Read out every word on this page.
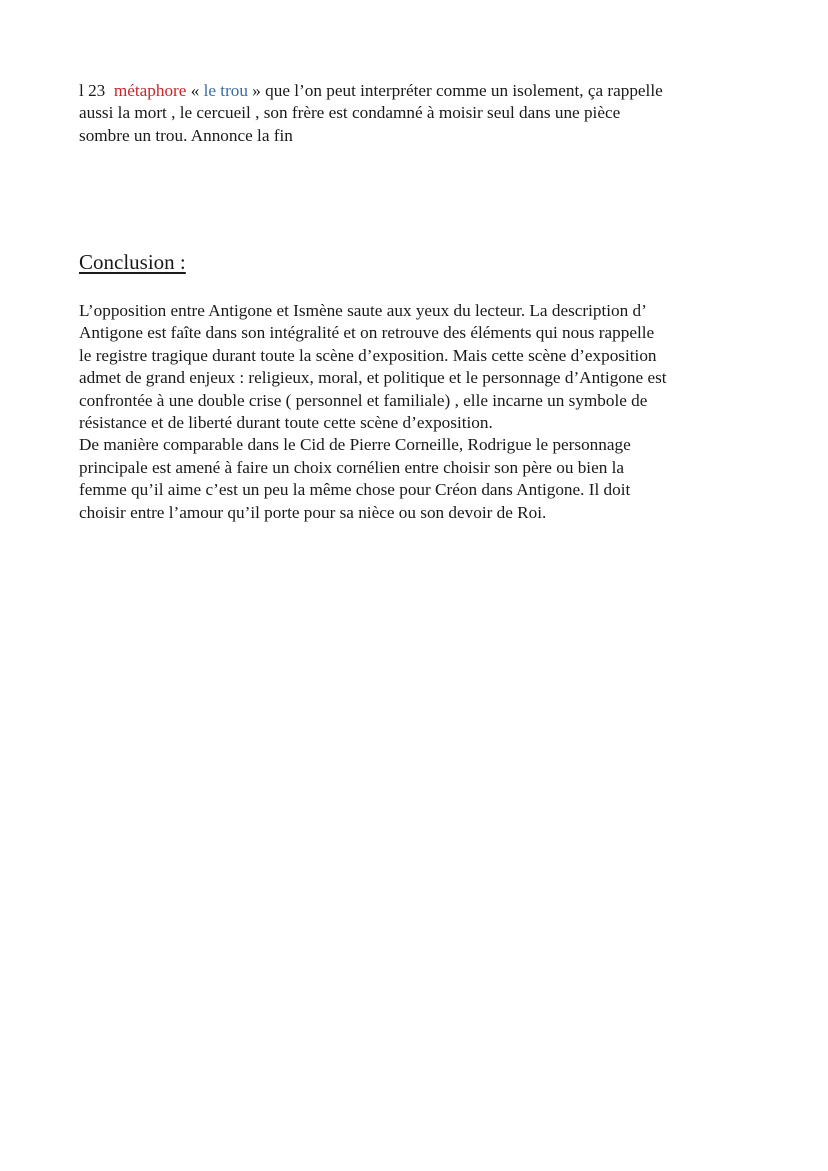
l 23 métaphore « le trou » que l’on peut interpréter comme un isolement, ça rappelle
aussi la mort , le cercueil , son frère est condamné à moisir seul dans une pièce
sombre un trou. Annonce la fin

Conclusion :

L’opposition entre Antigone et Ismène saute aux yeux du lecteur. La description d’
Antigone est faîte dans son intégralité et on retrouve des éléments qui nous rappelle
le registre tragique durant toute la scène d’exposition. Mais cette scène d’exposition
admet de grand enjeux : religieux, moral, et politique et le personnage d’Antigone est
confrontée à une double crise ( personnel et familiale) , elle incarne un symbole de
résistance et de liberté durant toute cette scène d’exposition.
De manière comparable dans le Cid de Pierre Corneille, Rodrigue le personnage
principale est amené à faire un choix cornélien entre choisir son père ou bien la
femme qu’il aime c’est un peu la même chose pour Créon dans Antigone. Il doit
choisir entre l’amour qu’il porte pour sa nièce ou son devoir de Roi.
